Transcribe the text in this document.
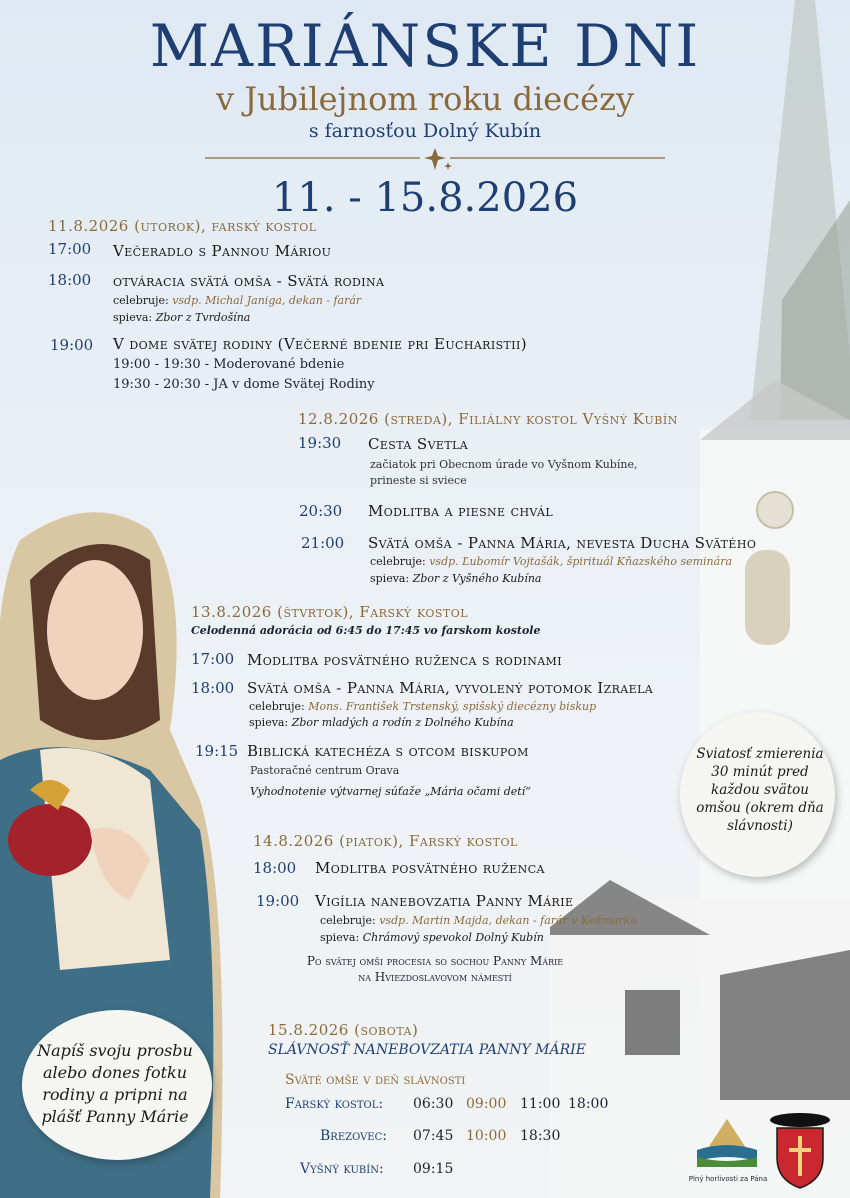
MARIÁNSKE DNI
v Jubilejnom roku diecézy
s farnosťou Dolný Kubín
11. - 15.8.2026
11.8.2026 (utorok), farský kostol
17:00 Večeradlo s Pannou Máriou
18:00 otváracia svätá omša - Svätá rodina
celebruje: vsdp. Michal Janiga, dekan - farár
spieva: Zbor z Tvrdošína
19:00 V dome svätej rodiny (Večerné bdenie pri Eucharistii)
19:00 - 19:30 - Moderované bdenie
19:30 - 20:30 - JA v dome Svätej Rodiny
12.8.2026 (streda), Filiálny kostol Vyšný Kubín
19:30 Cesta Svetla
začiatok pri Obecnom úrade vo Vyšnom Kubíne,
prineste si sviece
20:30 Modlitba a piesne chvál
21:00 Svätá omša - Panna Mária, nevesta Ducha Svätého
celebruje: vsdp. Ľubomír Vojtašák, špirituál Kňazského seminára
spieva: Zbor z Vyšného Kubína
13.8.2026 (štvrtok), Farský kostol
Celodenná adorácia od 6:45 do 17:45 vo farskom kostole
17:00 Modlitba posvätného ruženca s rodinami
18:00 Svätá omša - Panna Mária, vyvolený potomok Izraela
celebruje: Mons. František Trstenský, spišský diecézny biskup
spieva: Zbor mladých a rodín z Dolného Kubína
19:15 Biblická katechéza s otcom biskupom
Pastoračné centrum Orava
Vyhodnotenie výtvarnej súťaže „Mária očami detí“
Sviatosť zmierenia 30 minút pred každou svätou omšou (okrem dňa slávnosti)
14.8.2026 (piatok), Farský kostol
18:00 Modlitba posvätného ruženca
19:00 Vigília nanebovzatia Panny Márie
celebruje: vsdp. Martin Majda, dekan - farár v Kežmarku
spieva: Chrámový spevokol Dolný Kubín
Po svätej omši procesia so sochou Panny Márie
na Hviezdoslavovom námestí
Napíš svoju prosbu alebo dones fotku rodiny a pripni na plášť Panny Márie
15.8.2026 (sobota)
SLÁVNOSŤ NANEBOVZATIA PANNY MÁRIE
Sväté omše v deň slávnosti
Farský kostol: 06:30 09:00 11:00 18:00
Brezovec: 07:45 10:00 18:30
Vyšný kubín: 09:15
Plný horlivosti za Pána
